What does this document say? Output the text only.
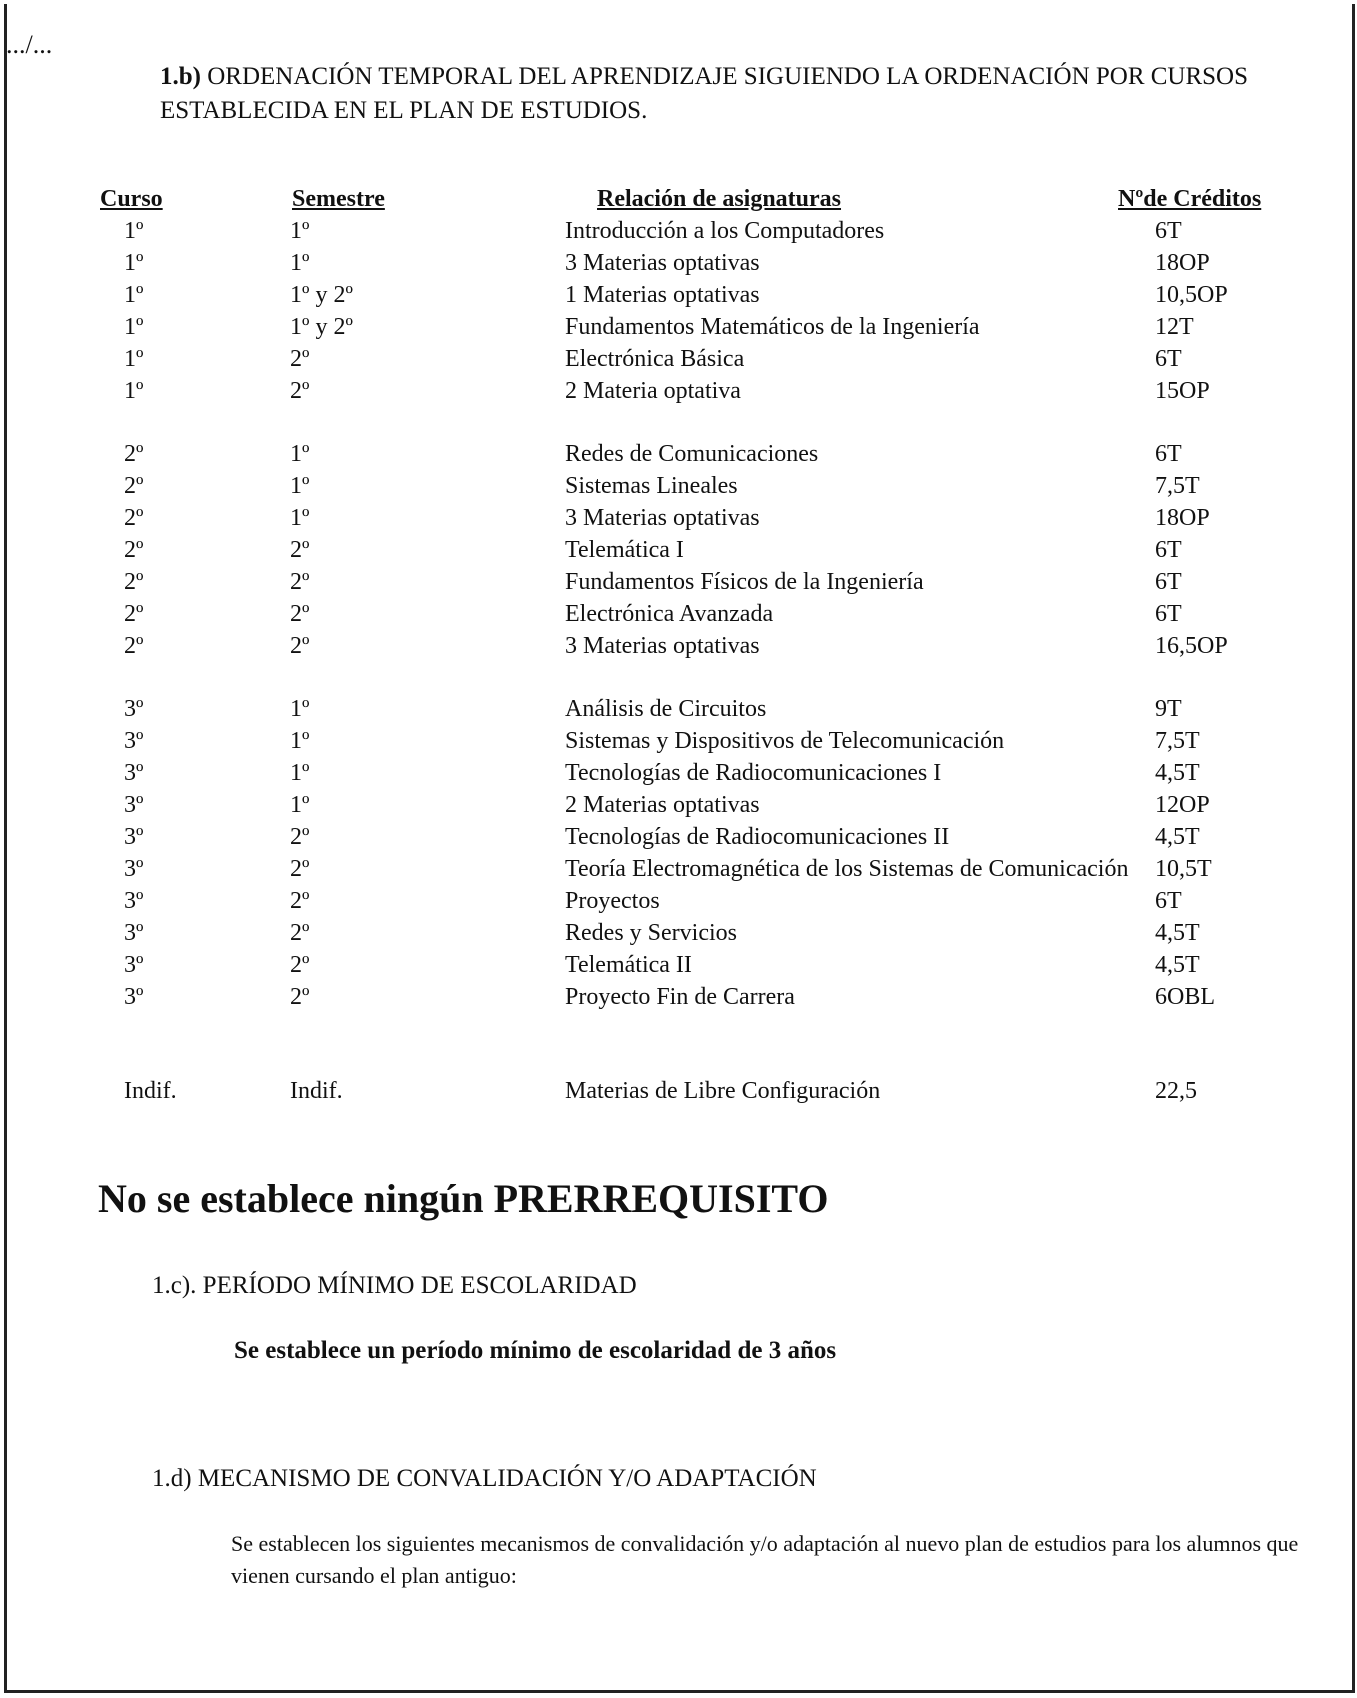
.../...
1.b) ORDENACIÓN TEMPORAL DEL APRENDIZAJE SIGUIENDO LA ORDENACIÓN POR CURSOS ESTABLECIDA EN EL PLAN DE ESTUDIOS.
Curso	Semestre	Relación de asignaturas	Nºde Créditos
1º	1º	Introducción a los Computadores	6T
1º	1º	3 Materias optativas	18OP
1º	1º y 2º	1 Materias optativas	10,5OP
1º	1º y 2º	Fundamentos Matemáticos de la Ingeniería	12T
1º	2º	Electrónica Básica	6T
1º	2º	2 Materia optativa	15OP
2º	1º	Redes de Comunicaciones	6T
2º	1º	Sistemas Lineales	7,5T
2º	1º	3 Materias optativas	18OP
2º	2º	Telemática I	6T
2º	2º	Fundamentos Físicos de la Ingeniería	6T
2º	2º	Electrónica Avanzada	6T
2º	2º	3 Materias optativas	16,5OP
3º	1º	Análisis de Circuitos	9T
3º	1º	Sistemas y Dispositivos de Telecomunicación	7,5T
3º	1º	Tecnologías de Radiocomunicaciones I	4,5T
3º	1º	2 Materias optativas	12OP
3º	2º	Tecnologías de Radiocomunicaciones II	4,5T
3º	2º	Teoría Electromagnética de los Sistemas de Comunicación 10,5T
3º	2º	Proyectos	6T
3º	2º	Redes y Servicios	4,5T
3º	2º	Telemática II	4,5T
3º	2º	Proyecto Fin de Carrera	6OBL
Indif.	Indif.	Materias de Libre Configuración	22,5
No se establece ningún PRERREQUISITO
1.c). PERÍODO MÍNIMO DE ESCOLARIDAD
Se establece un período mínimo de escolaridad de 3 años
1.d) MECANISMO DE CONVALIDACIÓN Y/O ADAPTACIÓN
Se establecen los siguientes mecanismos de convalidación y/o adaptación al nuevo plan de estudios para los alumnos que vienen cursando el plan antiguo:
